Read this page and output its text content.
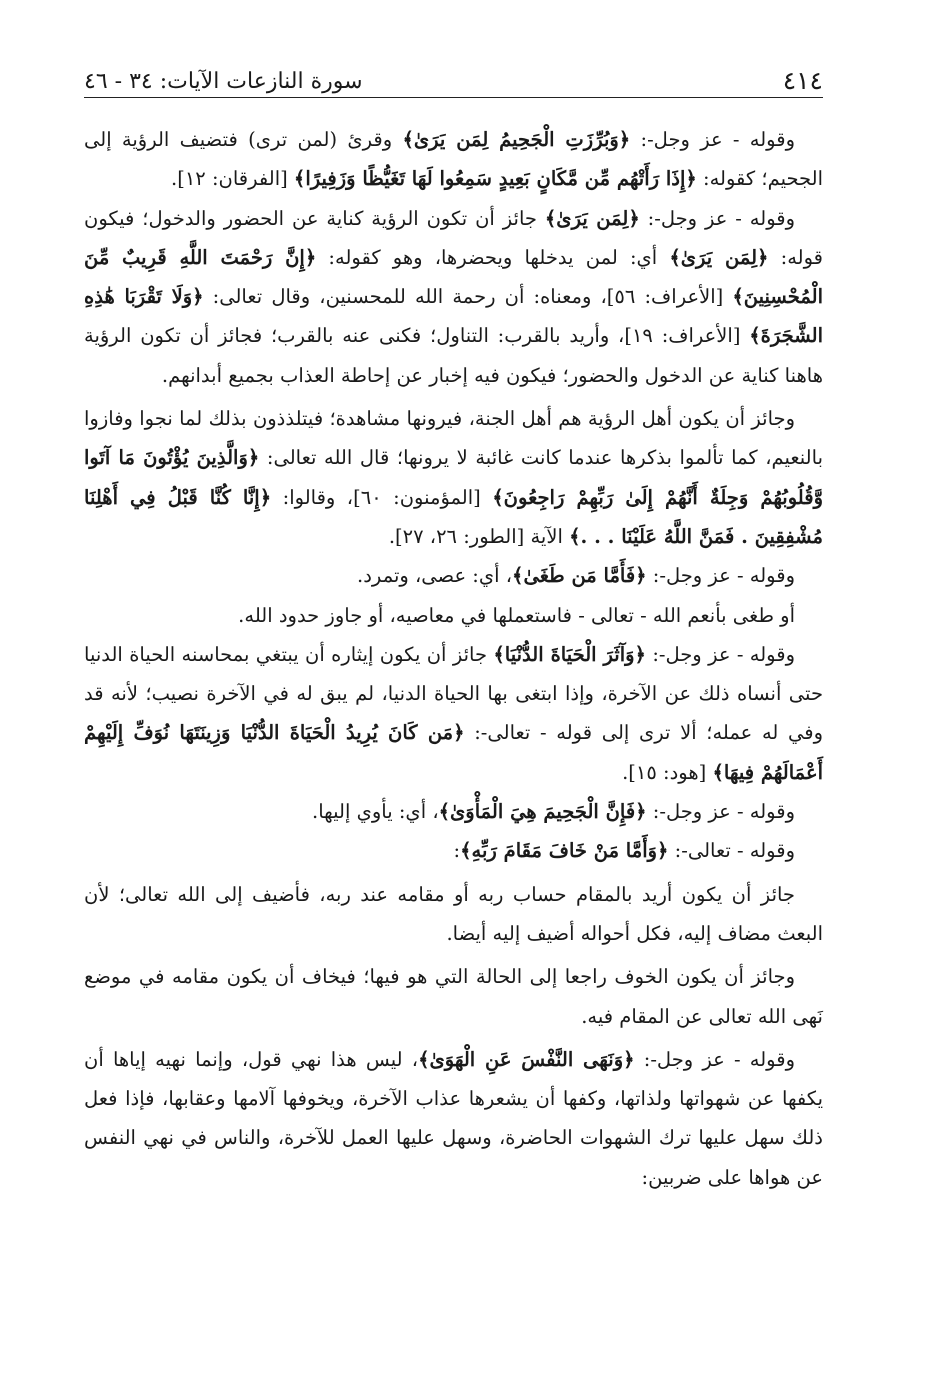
٤١٤
سورة النازعات الآيات: ٣٤ - ٤٦

وقوله - عز وجل-: ﴿وَبُرِّزَتِ الْجَحِيمُ لِمَن يَرَىٰ﴾ وقرئ (لمن ترى) فتضيف الرؤية إلى الجحيم؛ كقوله: ﴿إِذَا رَأَتْهُم مِّن مَّكَانٍ بَعِيدٍ سَمِعُوا لَهَا تَغَيُّظًا وَزَفِيرًا﴾ [الفرقان: ١٢].

وقوله - عز وجل-: ﴿لِمَن يَرَىٰ﴾ جائز أن تكون الرؤية كناية عن الحضور والدخول؛ فيكون قوله: ﴿لِمَن يَرَىٰ﴾ أي: لمن يدخلها ويحضرها، وهو كقوله: ﴿إِنَّ رَحْمَتَ اللَّهِ قَرِيبٌ مِّنَ الْمُحْسِنِينَ﴾ [الأعراف: ٥٦]، ومعناه: أن رحمة الله للمحسنين، وقال تعالى: ﴿وَلَا تَقْرَبَا هَٰذِهِ الشَّجَرَةَ﴾ [الأعراف: ١٩]، وأريد بالقرب: التناول؛ فكنى عنه بالقرب؛ فجائز أن تكون الرؤية هاهنا كناية عن الدخول والحضور؛ فيكون فيه إخبار عن إحاطة العذاب بجميع أبدانهم.

وجائز أن يكون أهل الرؤية هم أهل الجنة، فيرونها مشاهدة؛ فيتلذذون بذلك لما نجوا وفازوا بالنعيم، كما تألموا بذكرها عندما كانت غائبة لا يرونها؛ قال الله تعالى: ﴿وَالَّذِينَ يُؤْتُونَ مَا آتَوا وَّقُلُوبُهُمْ وَجِلَةٌ أَنَّهُمْ إِلَىٰ رَبِّهِمْ رَاجِعُونَ﴾ [المؤمنون: ٦٠]، وقالوا: ﴿إِنَّا كُنَّا قَبْلُ فِي أَهْلِنَا مُشْفِقِينَ . فَمَنَّ اللَّهُ عَلَيْنَا . . .﴾ الآية [الطور: ٢٦، ٢٧].

وقوله - عز وجل-: ﴿فَأَمَّا مَن طَغَىٰ﴾، أي: عصى، وتمرد.

أو طغى بأنعم الله - تعالى - فاستعملها في معاصيه، أو جاوز حدود الله.

وقوله - عز وجل-: ﴿وَآثَرَ الْحَيَاةَ الدُّنْيَا﴾ جائز أن يكون إيثاره أن يبتغي بمحاسنه الحياة الدنيا حتى أنساه ذلك عن الآخرة، وإذا ابتغى بها الحياة الدنيا، لم يبق له في الآخرة نصيب؛ لأنه قد وفي له عمله؛ ألا ترى إلى قوله - تعالى-: ﴿مَن كَانَ يُرِيدُ الْحَيَاةَ الدُّنْيَا وَزِينَتَهَا نُوَفِّ إِلَيْهِمْ أَعْمَالَهُمْ فِيهَا﴾ [هود: ١٥].

وقوله - عز وجل-: ﴿فَإِنَّ الْجَحِيمَ هِيَ الْمَأْوَىٰ﴾، أي: يأوي إليها.

وقوله - تعالى-: ﴿وَأَمَّا مَنْ خَافَ مَقَامَ رَبِّهِ﴾:

جائز أن يكون أريد بالمقام حساب ربه أو مقامه عند ربه، فأضيف إلى الله تعالى؛ لأن البعث مضاف إليه، فكل أحواله أضيف إليه أيضا.

وجائز أن يكون الخوف راجعا إلى الحالة التي هو فيها؛ فيخاف أن يكون مقامه في موضع نَهى الله تعالى عن المقام فيه.

وقوله - عز وجل-: ﴿وَنَهَى النَّفْسَ عَنِ الْهَوَىٰ﴾، ليس هذا نهي قول، وإنما نهيه إياها أن يكفها عن شهواتها ولذاتها، وكفها أن يشعرها عذاب الآخرة، ويخوفها آلامها وعقابها، فإذا فعل ذلك سهل عليها ترك الشهوات الحاضرة، وسهل عليها العمل للآخرة، والناس في نهي النفس عن هواها على ضربين:
